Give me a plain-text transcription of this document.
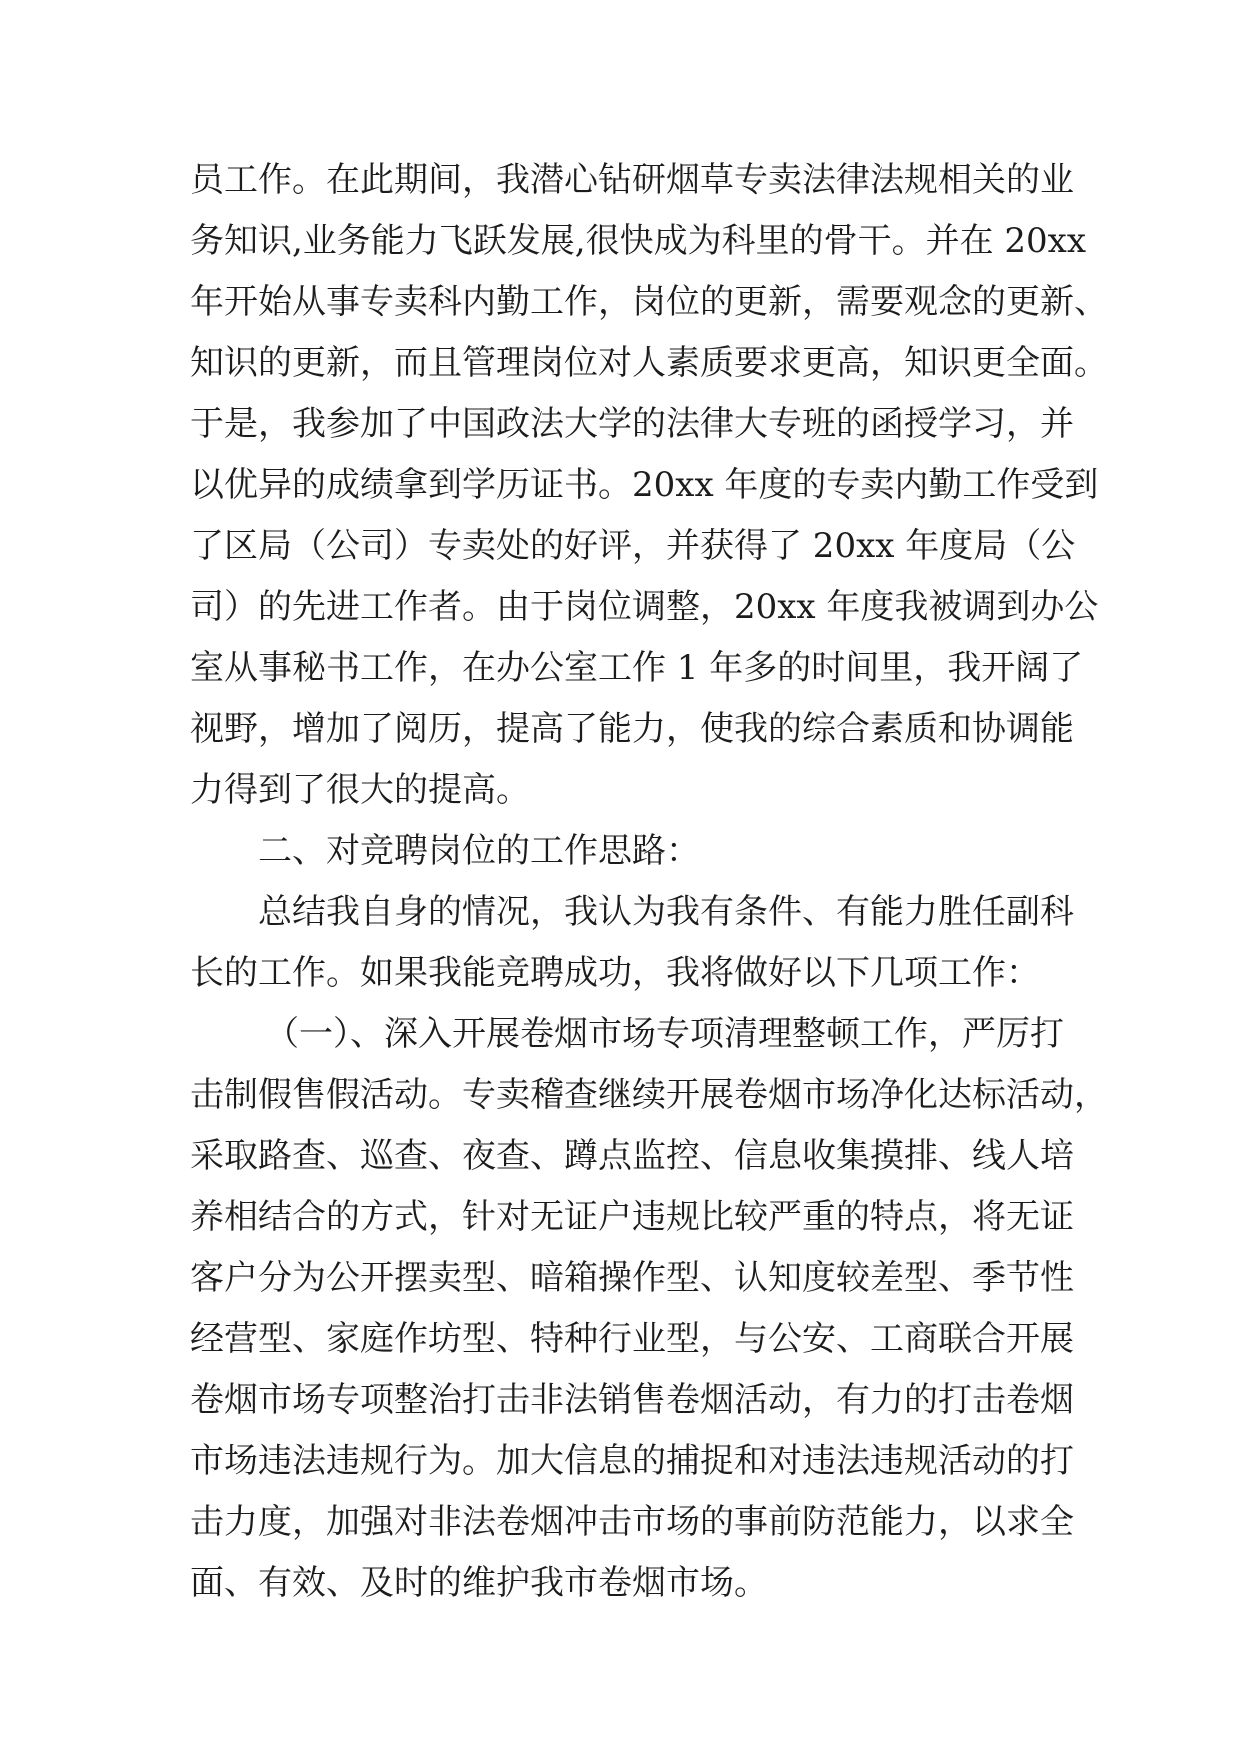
员工作。在此期间，我潜心钻研烟草专卖法律法规相关的业
务知识,业务能力飞跃发展,很快成为科里的骨干。并在 20xx
年开始从事专卖科内勤工作，岗位的更新，需要观念的更新、
知识的更新，而且管理岗位对人素质要求更高，知识更全面。
于是，我参加了中国政法大学的法律大专班的函授学习，并
以优异的成绩拿到学历证书。20xx 年度的专卖内勤工作受到
了区局（公司）专卖处的好评，并获得了 20xx 年度局（公
司）的先进工作者。由于岗位调整，20xx 年度我被调到办公
室从事秘书工作，在办公室工作 1 年多的时间里，我开阔了
视野，增加了阅历，提高了能力，使我的综合素质和协调能
力得到了很大的提高。
二、对竞聘岗位的工作思路：
总结我自身的情况，我认为我有条件、有能力胜任副科
长的工作。如果我能竞聘成功，我将做好以下几项工作：
（一）、深入开展卷烟市场专项清理整顿工作，严厉打
击制假售假活动。专卖稽查继续开展卷烟市场净化达标活动，
采取路查、巡查、夜查、蹲点监控、信息收集摸排、线人培
养相结合的方式，针对无证户违规比较严重的特点，将无证
客户分为公开摆卖型、暗箱操作型、认知度较差型、季节性
经营型、家庭作坊型、特种行业型，与公安、工商联合开展
卷烟市场专项整治打击非法销售卷烟活动，有力的打击卷烟
市场违法违规行为。加大信息的捕捉和对违法违规活动的打
击力度，加强对非法卷烟冲击市场的事前防范能力，以求全
面、有效、及时的维护我市卷烟市场。
